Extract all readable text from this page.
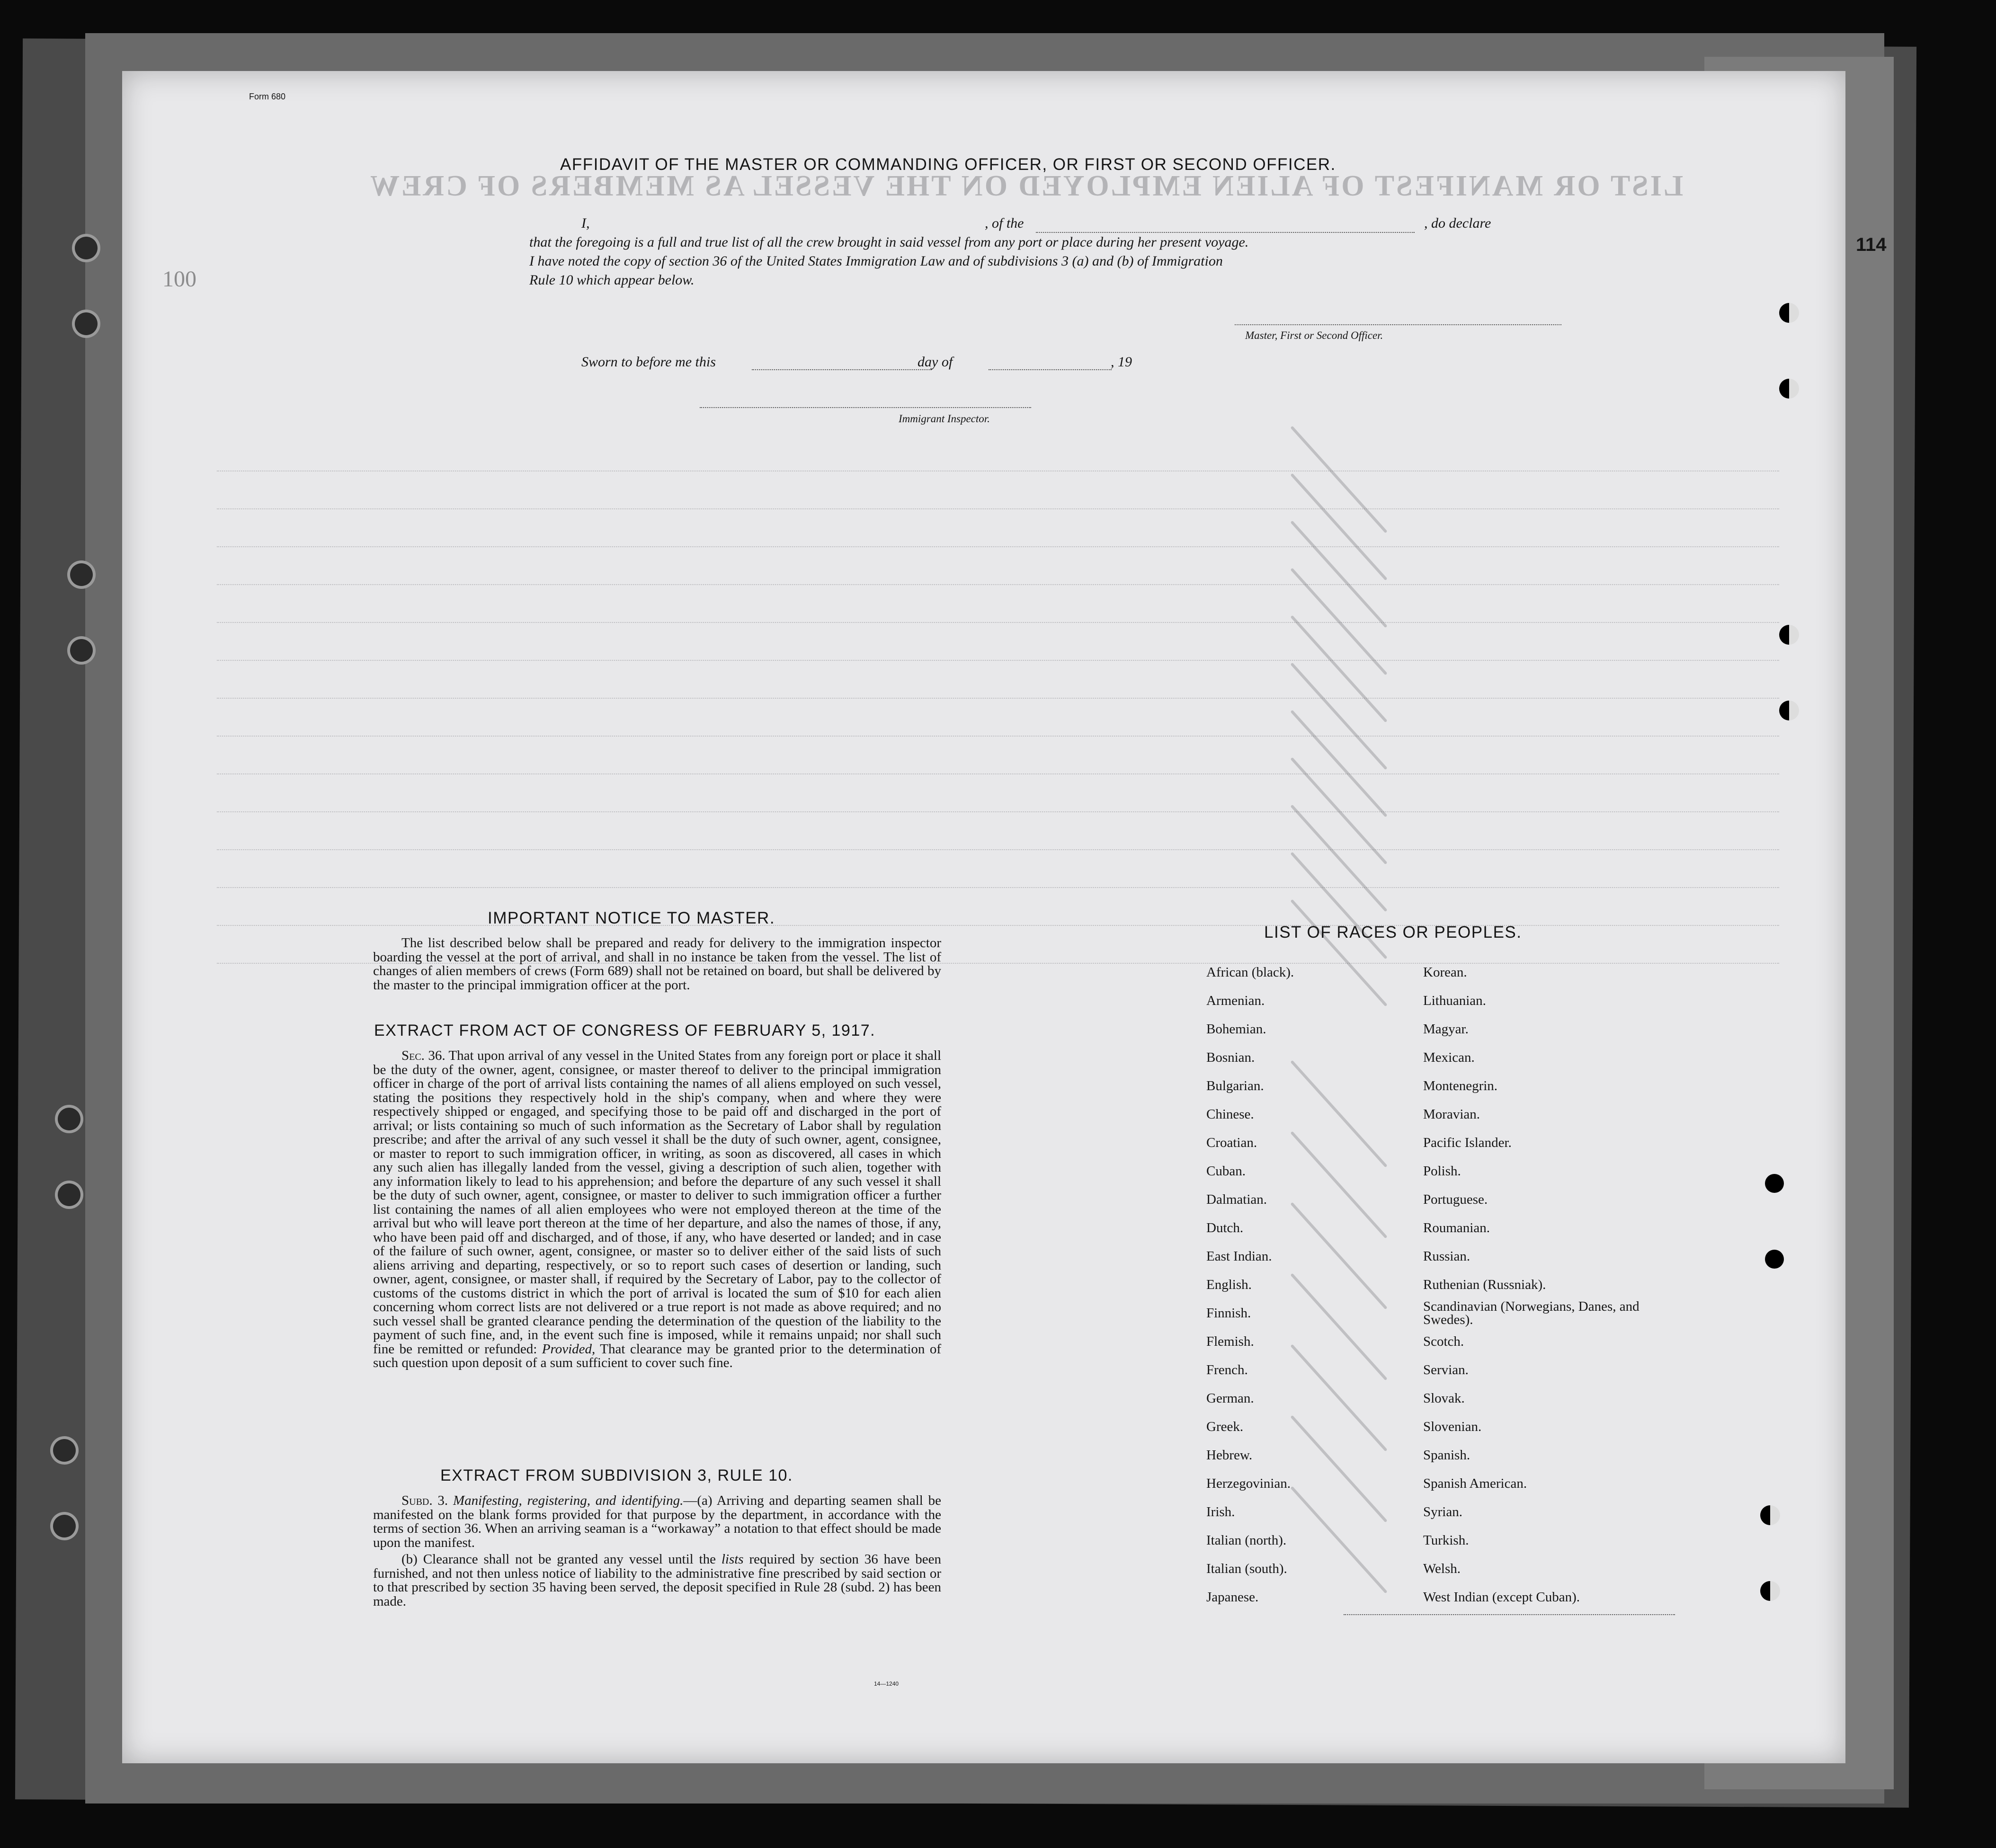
LIST OR MANIFEST OF ALIEN EMPLOYED ON THE VESSEL AS MEMBERS OF CREW
100
Form 680
114
AFFIDAVIT OF THE MASTER OR COMMANDING OFFICER, OR FIRST OR SECOND OFFICER.
I,	, of the	, do declare
that the foregoing is a full and true list of all the crew brought in said vessel from any port or place during her present voyage.
I have noted the copy of section 36 of the United States Immigration Law and of subdivisions 3 (a) and (b) of Immigration
Rule 10 which appear below.
Master, First or Second Officer.
Sworn to before me this	day of	, 19
Immigrant Inspector.
IMPORTANT NOTICE TO MASTER.
The list described below shall be prepared and ready for delivery to the immigration inspector boarding the vessel at the port of arrival, and shall in no instance be taken from the vessel. The list of changes of alien members of crews (Form 689) shall not be retained on board, but shall be delivered by the master to the principal immigration officer at the port.
EXTRACT FROM ACT OF CONGRESS OF FEBRUARY 5, 1917.
Sec. 36. That upon arrival of any vessel in the United States from any foreign port or place it shall be the duty of the owner, agent, consignee, or master thereof to deliver to the principal immigration officer in charge of the port of arrival lists containing the names of all aliens employed on such vessel, stating the positions they respectively hold in the ship's company, when and where they were respectively shipped or engaged, and specifying those to be paid off and discharged in the port of arrival; or lists containing so much of such information as the Secretary of Labor shall by regulation prescribe; and after the arrival of any such vessel it shall be the duty of such owner, agent, consignee, or master to report to such immigration officer, in writing, as soon as discovered, all cases in which any such alien has illegally landed from the vessel, giving a description of such alien, together with any information likely to lead to his apprehension; and before the departure of any such vessel it shall be the duty of such owner, agent, consignee, or master to deliver to such immigration officer a further list containing the names of all alien employees who were not employed thereon at the time of the arrival but who will leave port thereon at the time of her departure, and also the names of those, if any, who have been paid off and discharged, and of those, if any, who have deserted or landed; and in case of the failure of such owner, agent, consignee, or master so to deliver either of the said lists of such aliens arriving and departing, respectively, or so to report such cases of desertion or landing, such owner, agent, consignee, or master shall, if required by the Secretary of Labor, pay to the collector of customs of the customs district in which the port of arrival is located the sum of $10 for each alien concerning whom correct lists are not delivered or a true report is not made as above required; and no such vessel shall be granted clearance pending the determination of the question of the liability to the payment of such fine, and, in the event such fine is imposed, while it remains unpaid; nor shall such fine be remitted or refunded: Provided, That clearance may be granted prior to the determination of such question upon deposit of a sum sufficient to cover such fine.
EXTRACT FROM SUBDIVISION 3, RULE 10.
Subd. 3. Manifesting, registering, and identifying.—(a) Arriving and departing seamen shall be manifested on the blank forms provided for that purpose by the department, in accordance with the terms of section 36. When an arriving seaman is a “workaway” a notation to that effect should be made upon the manifest.
(b) Clearance shall not be granted any vessel until the lists required by section 36 have been furnished, and not then unless notice of liability to the administrative fine prescribed by said section or to that prescribed by section 35 having been served, the deposit specified in Rule 28 (subd. 2) has been made.
14—1240
LIST OF RACES OR PEOPLES.
African (black).
Armenian.
Bohemian.
Bosnian.
Bulgarian.
Chinese.
Croatian.
Cuban.
Dalmatian.
Dutch.
East Indian.
English.
Finnish.
Flemish.
French.
German.
Greek.
Hebrew.
Herzegovinian.
Irish.
Italian (north).
Italian (south).
Japanese.
Korean.
Lithuanian.
Magyar.
Mexican.
Montenegrin.
Moravian.
Pacific Islander.
Polish.
Portuguese.
Roumanian.
Russian.
Ruthenian (Russniak).
Scandinavian (Norwegians, Danes, and Swedes).
Scotch.
Servian.
Slovak.
Slovenian.
Spanish.
Spanish American.
Syrian.
Turkish.
Welsh.
West Indian (except Cuban).
